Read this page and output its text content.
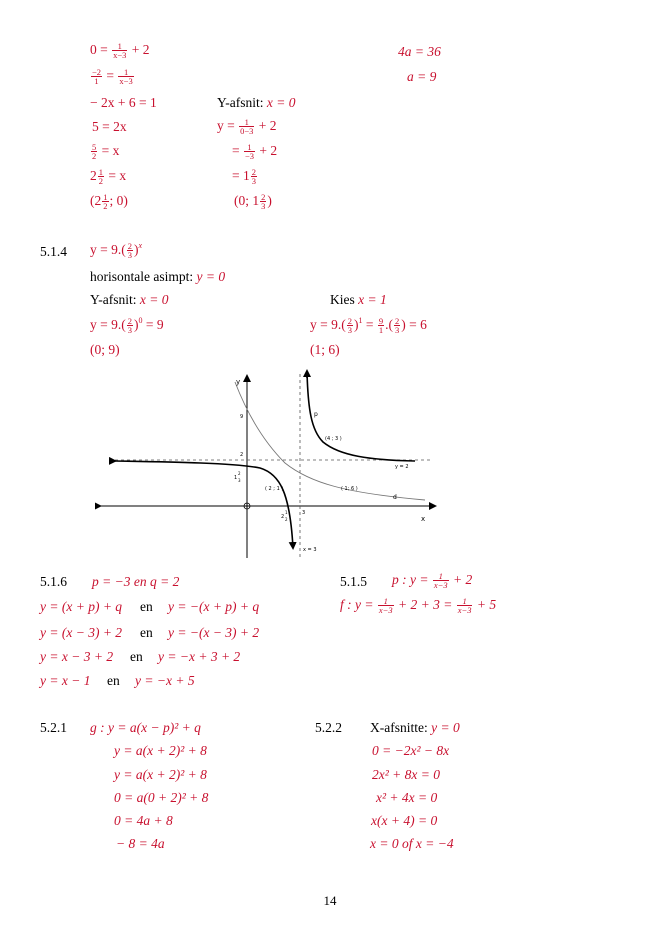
$0 = \frac{1}{x-3} + 2$
$\frac{-2}{1} = \frac{1}{x-3}$
− 2x + 6 = 1
5 = 2x
$\frac{5}{2} = x$
$2 \frac{1}{2} = x$
($2 \frac{1}{2}$ ; 0)
Y-afsnit: x = 0
$y = \frac{1}{0-3} + 2$
= $\frac{1}{-3} + 2$
= $1 \frac{2}{3}$
(0; $1 \frac{2}{3}$ )
4a = 36
a = 9
5.1.4 $y = 9.( \frac{2}{3} )^x$
horisontale asimpt: y = 0
Y-afsnit: x = 0
$y = 9.( \frac{2}{3} )^0 = 9$
(0; 9)
Kies x = 1
$y = 9.( \frac{2}{3} )^1 = \frac{9}{1}$ .( $\frac{2}{3}$ ) = 6
(1; 6)
y
x
p
d
(4 ; 3 )
( 2 ; 1 )	( 1; 6 )
y = 2
x = 3
9
2
3
1
2
3
2
1
2
5.1.6 p = −3 en q = 2
y = (x + p) + q en y = −(x + p) + q
y = (x − 3) + 2 en y = −(x − 3) + 2
y = x − 3 + 2 en y = −x + 3 + 2
y = x − 1 en y = −x + 5
5.1.5 p : $y = \frac{1}{x-3} + 2$
f : $y = \frac{1}{x-3} + 2 + 3 = \frac{1}{x-3} + 5$
5.2.1 g : y = a(x − p)² + q
y = a(x + 2)² + 8
y = a(x + 2)² + 8
0 = a(0 + 2)² + 8
0 = 4a + 8
− 8 = 4a
5.2.2 X-afsnitte: y = 0
0 = −2x² − 8x
2x² + 8x = 0
x² + 4x = 0
x(x + 4) = 0
x = 0 of x = −4
14
